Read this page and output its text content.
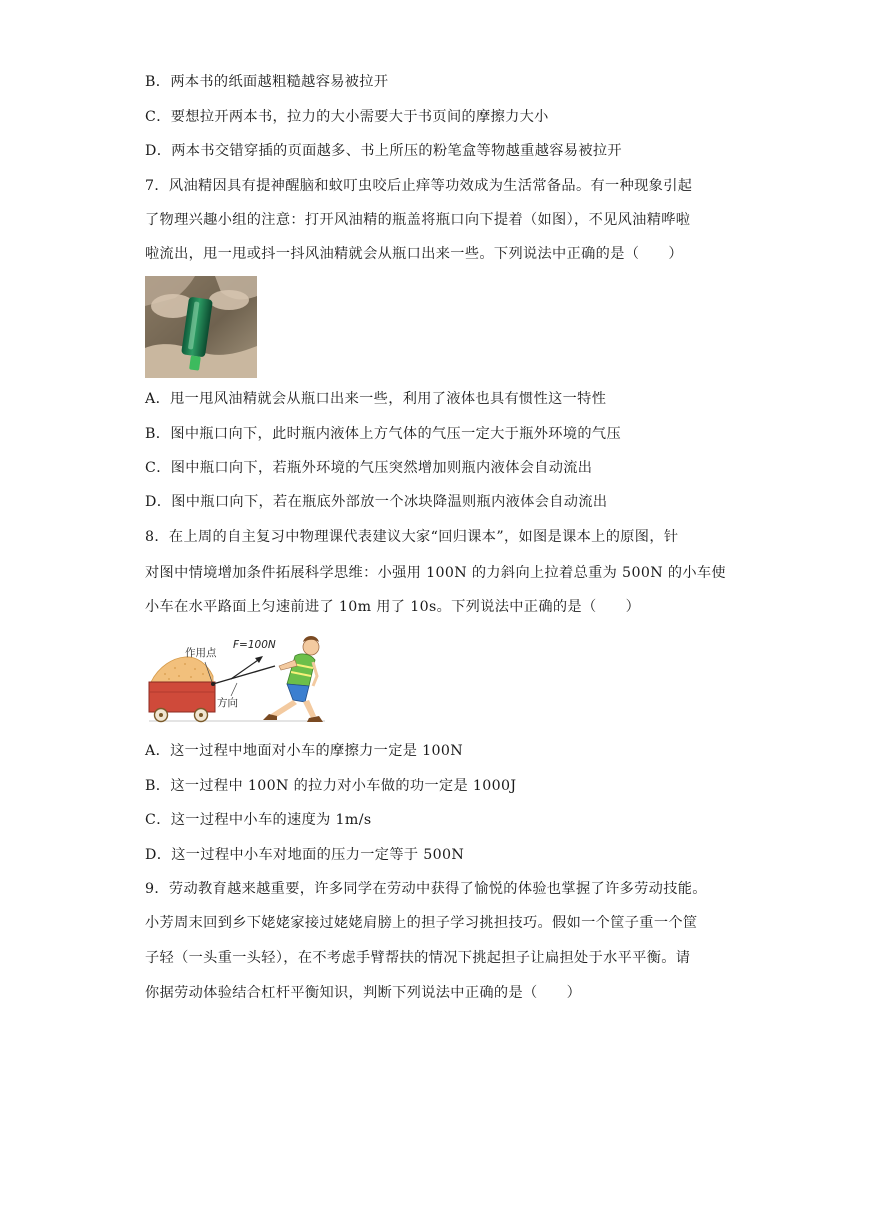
B．两本书的纸面越粗糙越容易被拉开
C．要想拉开两本书，拉力的大小需要大于书页间的摩擦力大小
D．两本书交错穿插的页面越多、书上所压的粉笔盒等物越重越容易被拉开
7．风油精因具有提神醒脑和蚊叮虫咬后止痒等功效成为生活常备品。有一种现象引起
了物理兴趣小组的注意：打开风油精的瓶盖将瓶口向下提着（如图），不见风油精哗啦
啦流出，甩一甩或抖一抖风油精就会从瓶口出来一些。下列说法中正确的是（　　）
A．甩一甩风油精就会从瓶口出来一些，利用了液体也具有惯性这一特性
B．图中瓶口向下，此时瓶内液体上方气体的气压一定大于瓶外环境的气压
C．图中瓶口向下，若瓶外环境的气压突然增加则瓶内液体会自动流出
D．图中瓶口向下，若在瓶底外部放一个冰块降温则瓶内液体会自动流出
8．在上周的自主复习中物理课代表建议大家“回归课本”，如图是课本上的原图，针
对图中情境增加条件拓展科学思维：小强用 100N 的力斜向上拉着总重为 500N 的小车使
小车在水平路面上匀速前进了 10m 用了 10s。下列说法中正确的是（　　）
作用点
F=100N
方向
A．这一过程中地面对小车的摩擦力一定是 100N
B．这一过程中 100N 的拉力对小车做的功一定是 1000J
C．这一过程中小车的速度为 1m/s
D．这一过程中小车对地面的压力一定等于 500N
9．劳动教育越来越重要，许多同学在劳动中获得了愉悦的体验也掌握了许多劳动技能。
小芳周末回到乡下姥姥家接过姥姥肩膀上的担子学习挑担技巧。假如一个筐子重一个筐
子轻（一头重一头轻），在不考虑手臂帮扶的情况下挑起担子让扁担处于水平平衡。请
你据劳动体验结合杠杆平衡知识，判断下列说法中正确的是（　　）
